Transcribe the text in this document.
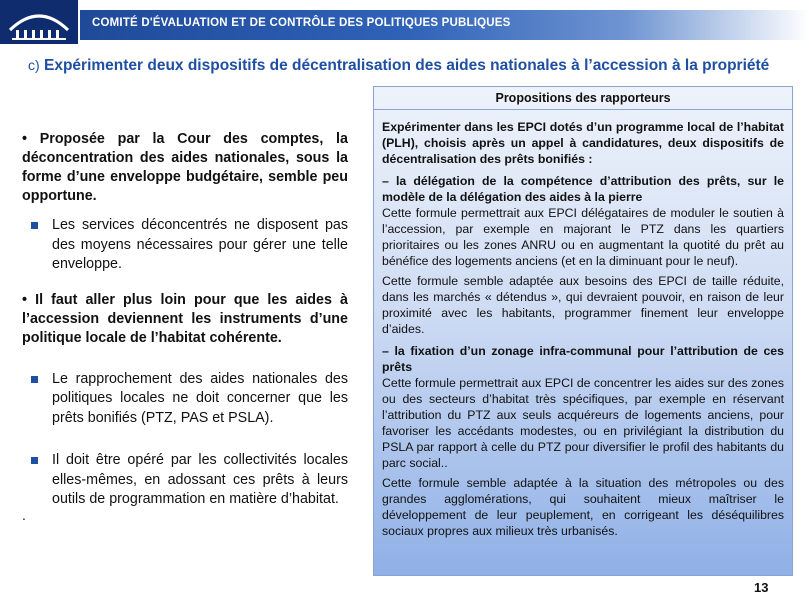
COMITÉ D'ÉVALUATION ET DE CONTRÔLE DES POLITIQUES PUBLIQUES
c) Expérimenter deux dispositifs de décentralisation des aides nationales à l’accession à la propriété
• Proposée par la Cour des comptes, la déconcentration des aides nationales, sous la forme d’une enveloppe budgétaire, semble peu opportune.
Les services déconcentrés ne disposent pas des moyens nécessaires pour gérer une telle enveloppe.
• Il faut aller plus loin pour que les aides à l’accession deviennent les instruments d’une politique locale de l’habitat cohérente.
Le rapprochement des aides nationales des politiques locales ne doit concerner que les prêts bonifiés (PTZ, PAS et PSLA).
Il doit être opéré par les collectivités locales elles-mêmes, en adossant ces prêts à leurs outils de programmation en matière d’habitat.
.
Propositions des rapporteurs

Expérimenter dans les EPCI dotés d’un programme local de l’habitat (PLH), choisis après un appel à candidatures, deux dispositifs de décentralisation des prêts bonifiés :

– la délégation de la compétence d’attribution des prêts, sur le modèle de la délégation des aides à la pierre

Cette formule permettrait aux EPCI délégataires de moduler le soutien à l’accession, par exemple en majorant le PTZ dans les quartiers prioritaires ou les zones ANRU ou en augmentant la quotité du prêt au bénéfice des logements anciens (et en la diminuant pour le neuf).

Cette formule semble adaptée aux besoins des EPCI de taille réduite, dans les marchés « détendus », qui devraient pouvoir, en raison de leur proximité avec les habitants, programmer finement leur enveloppe d’aides.

– la fixation d’un zonage infra-communal pour l’attribution de ces prêts

Cette formule permettrait aux EPCI de concentrer les aides sur des zones ou des secteurs d’habitat très spécifiques, par exemple en réservant l’attribution du PTZ aux seuls acquéreurs de logements anciens, pour favoriser les accédants modestes, ou en privilégiant la distribution du PSLA par rapport à celle du PTZ pour diversifier le profil des habitants du parc social..

Cette formule semble adaptée à la situation des métropoles ou des grandes agglomérations, qui souhaitent mieux maîtriser le développement de leur peuplement, en corrigeant les déséquilibres sociaux propres aux milieux très urbanisés.

13
